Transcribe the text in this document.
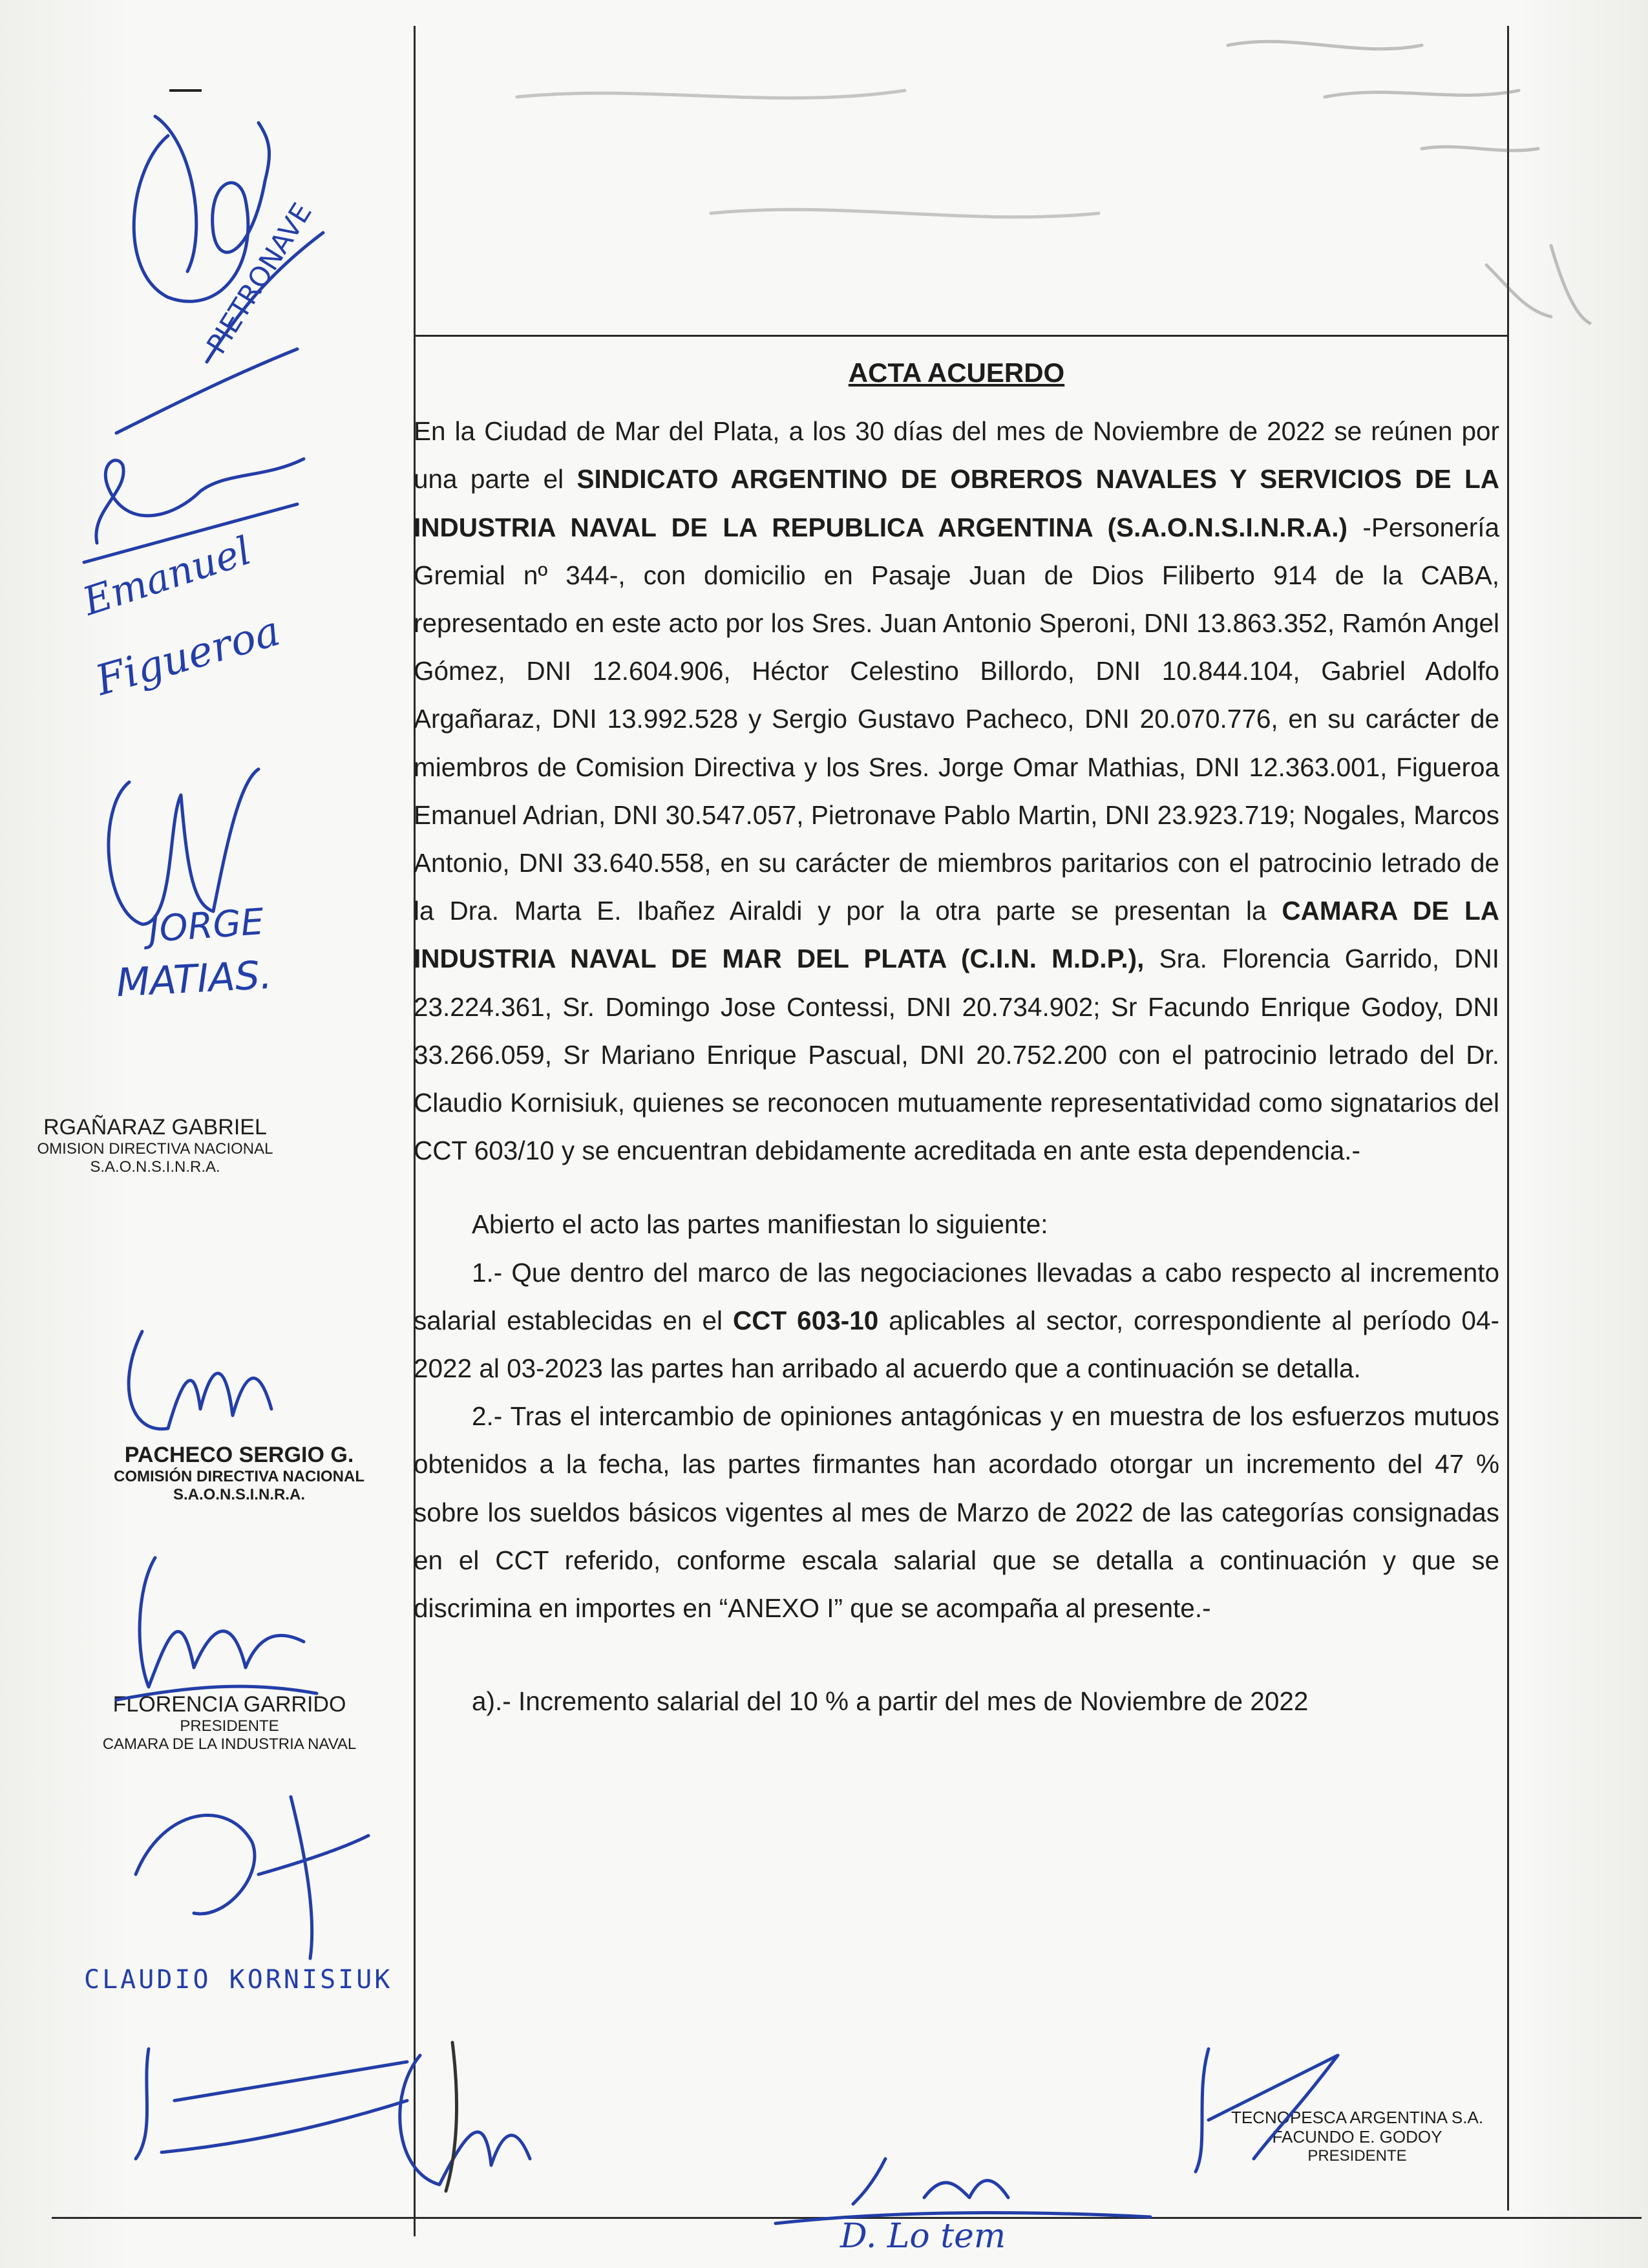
ACTA ACUERDO

En la Ciudad de Mar del Plata, a los 30 días del mes de Noviembre de 2022 se reúnen por una parte el SINDICATO ARGENTINO DE OBREROS NAVALES Y SERVICIOS DE LA INDUSTRIA NAVAL DE LA REPUBLICA ARGENTINA (S.A.O.N.S.I.N.R.A.) -Personería Gremial nº 344-, con domicilio en Pasaje Juan de Dios Filiberto 914 de la CABA, representado en este acto por los Sres. Juan Antonio Speroni, DNI 13.863.352, Ramón Angel Gómez, DNI 12.604.906, Héctor Celestino Billordo, DNI 10.844.104, Gabriel Adolfo Argañaraz, DNI 13.992.528 y Sergio Gustavo Pacheco, DNI 20.070.776, en su carácter de miembros de Comision Directiva y los Sres. Jorge Omar Mathias, DNI 12.363.001, Figueroa Emanuel Adrian, DNI 30.547.057, Pietronave Pablo Martin, DNI 23.923.719; Nogales, Marcos Antonio, DNI 33.640.558, en su carácter de miembros paritarios con el patrocinio letrado de la Dra. Marta E. Ibañez Airaldi y por la otra parte se presentan la CAMARA DE LA INDUSTRIA NAVAL DE MAR DEL PLATA (C.I.N. M.D.P.), Sra. Florencia Garrido, DNI 23.224.361, Sr. Domingo Jose Contessi, DNI 20.734.902; Sr Facundo Enrique Godoy, DNI 33.266.059, Sr Mariano Enrique Pascual, DNI 20.752.200 con el patrocinio letrado del Dr. Claudio Kornisiuk, quienes se reconocen mutuamente representatividad como signatarios del CCT 603/10 y se encuentran debidamente acreditada en ante esta dependencia.-

Abierto el acto las partes manifiestan lo siguiente:

1.- Que dentro del marco de las negociaciones llevadas a cabo respecto al incremento salarial establecidas en el CCT 603-10 aplicables al sector, correspondiente al período 04-2022 al 03-2023 las partes han arribado al acuerdo que a continuación se detalla.

2.- Tras el intercambio de opiniones antagónicas y en muestra de los esfuerzos mutuos obtenidos a la fecha, las partes firmantes han acordado otorgar un incremento del 47 % sobre los sueldos básicos vigentes al mes de Marzo de 2022 de las categorías consignadas en el CCT referido, conforme escala salarial que se detalla a continuación y que se discrimina en importes en “ANEXO I” que se acompaña al presente.-

a).- Incremento salarial del 10 % a partir del mes de Noviembre de 2022

RGAÑARAZ GABRIEL
OMISION DIRECTIVA NACIONAL
S.A.O.N.S.I.N.R.A.
PACHECO SERGIO G.
COMISIÓN DIRECTIVA NACIONAL
S.A.O.N.S.I.N.R.A.
FLORENCIA GARRIDO
PRESIDENTE
CAMARA DE LA INDUSTRIA NAVAL
TECNOPESCA ARGENTINA S.A.
FACUNDO E. GODOY
PRESIDENTE
PIETRONAVE
Emanuel
Figueroa
JORGE
MATIAS.
CLAUDIO KORNISIUK
D. Lo tem
